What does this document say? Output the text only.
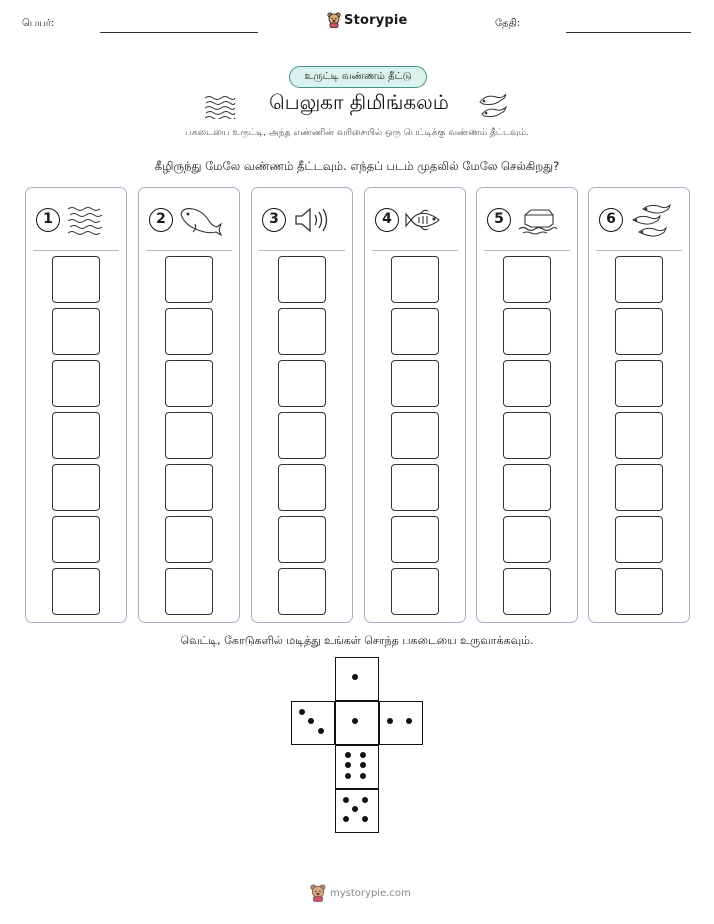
பெயர்:	Storypie	தேதி:
உருட்டி வண்ணம் தீட்டு
பெலுகா திமிங்கலம்
பகடையை உருட்டி, அந்த எண்ணின் வரிசையில் ஒரு பெட்டிக்கு வண்ணம் தீட்டவும்.
கீழிருந்து மேலே வண்ணம் தீட்டவும். எந்தப் படம் முதலில் மேலே செல்கிறது?
1	2	3	4	5	6
வெட்டி, கோடுகளில் மடித்து உங்கள் சொந்த பகடையை உருவாக்கவும்.
mystorypie.com
